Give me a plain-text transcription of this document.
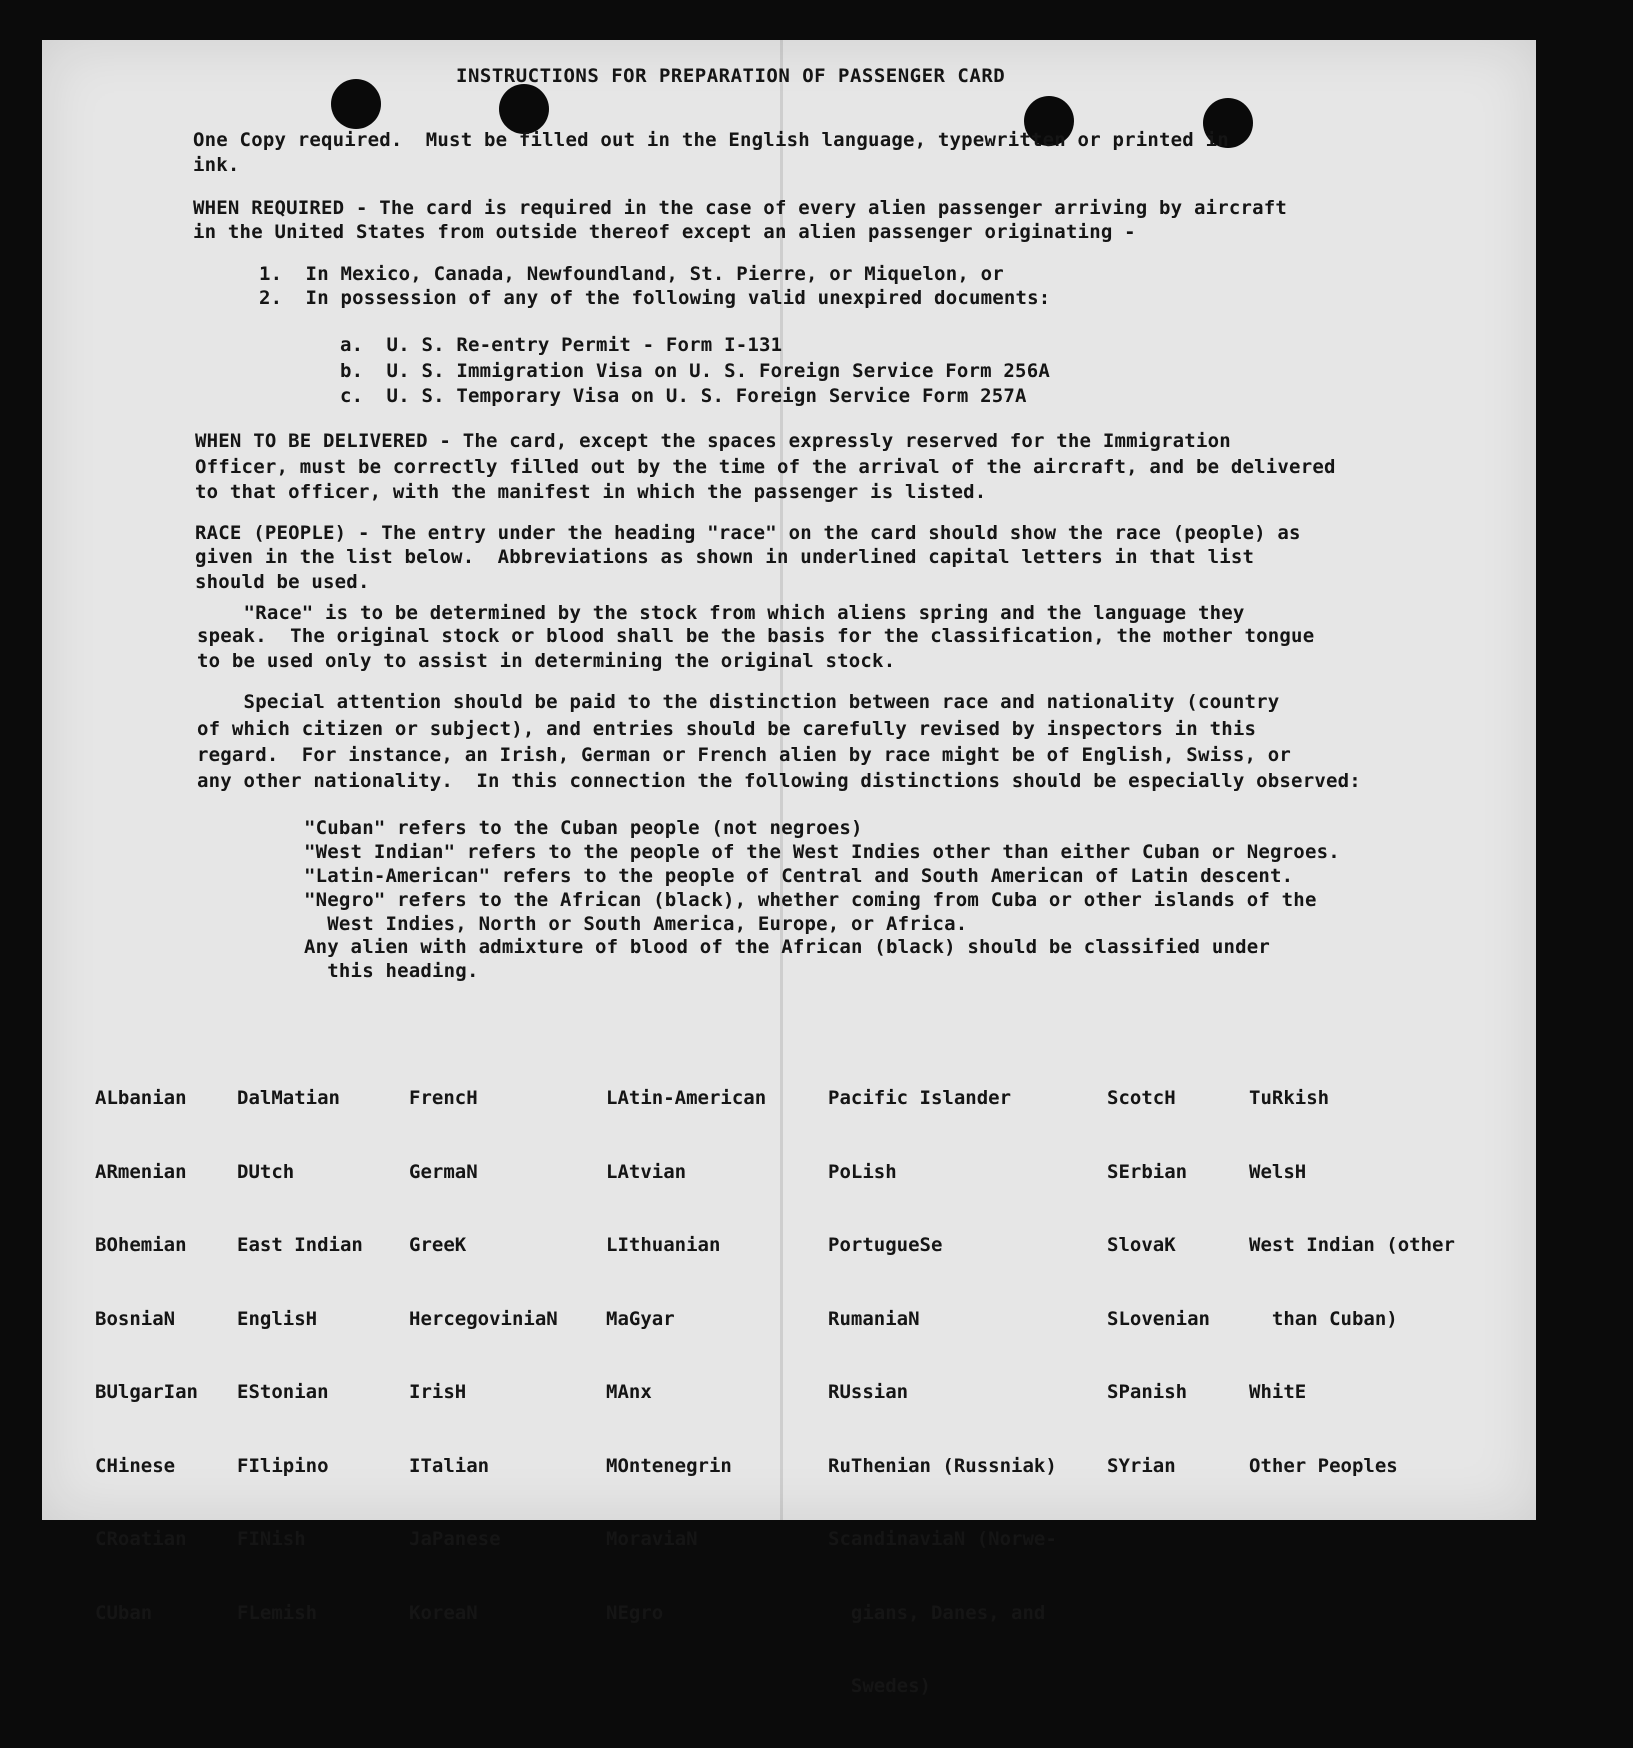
INSTRUCTIONS FOR PREPARATION OF PASSENGER CARD
One Copy required.  Must be filled out in the English language, typewritten or printed in
ink.
WHEN REQUIRED - The card is required in the case of every alien passenger arriving by aircraft
in the United States from outside thereof except an alien passenger originating -
1.  In Mexico, Canada, Newfoundland, St. Pierre, or Miquelon, or
2.  In possession of any of the following valid unexpired documents:
a.  U. S. Re-entry Permit - Form I-131
b.  U. S. Immigration Visa on U. S. Foreign Service Form 256A
c.  U. S. Temporary Visa on U. S. Foreign Service Form 257A
WHEN TO BE DELIVERED - The card, except the spaces expressly reserved for the Immigration
Officer, must be correctly filled out by the time of the arrival of the aircraft, and be delivered
to that officer, with the manifest in which the passenger is listed.
RACE (PEOPLE) - The entry under the heading "race" on the card should show the race (people) as
given in the list below.  Abbreviations as shown in underlined capital letters in that list
should be used.
"Race" is to be determined by the stock from which aliens spring and the language they
speak.  The original stock or blood shall be the basis for the classification, the mother tongue
to be used only to assist in determining the original stock.
Special attention should be paid to the distinction between race and nationality (country
of which citizen or subject), and entries should be carefully revised by inspectors in this
regard.  For instance, an Irish, German or French alien by race might be of English, Swiss, or
any other nationality.  In this connection the following distinctions should be especially observed:
"Cuban" refers to the Cuban people (not negroes)
"West Indian" refers to the people of the West Indies other than either Cuban or Negroes.
"Latin-American" refers to the people of Central and South American of Latin descent.
"Negro" refers to the African (black), whether coming from Cuba or other islands of the
West Indies, North or South America, Europe, or Africa.
Any alien with admixture of blood of the African (black) should be classified under
this heading.

ALbanian

ARmenian

BOhemian

BosniaN

BUlgarIan

CHinese

CRoatian

CUban

DalMatian

DUtch

East Indian

EnglisH

EStonian

FIlipino

FINish

FLemish

FrencH

GermaN

GreeK

HercegoviniaN

IrisH

ITalian

JaPanese

KoreaN

LAtin-American

LAtvian

LIthuanian

MaGyar

MAnx

MOntenegrin

MoraviaN

NEgro

Pacific Islander

PoLish

PortugueSe

RumaniaN

RUssian

RuThenian (Russniak)

ScandinaviaN (Norwe-

gians, Danes, and

Swedes)

ScotcH

SErbian

SlovaK

SLovenian

SPanish

SYrian

TuRkish

WelsH

West Indian (other

than Cuban)

WhitE

Other Peoples
